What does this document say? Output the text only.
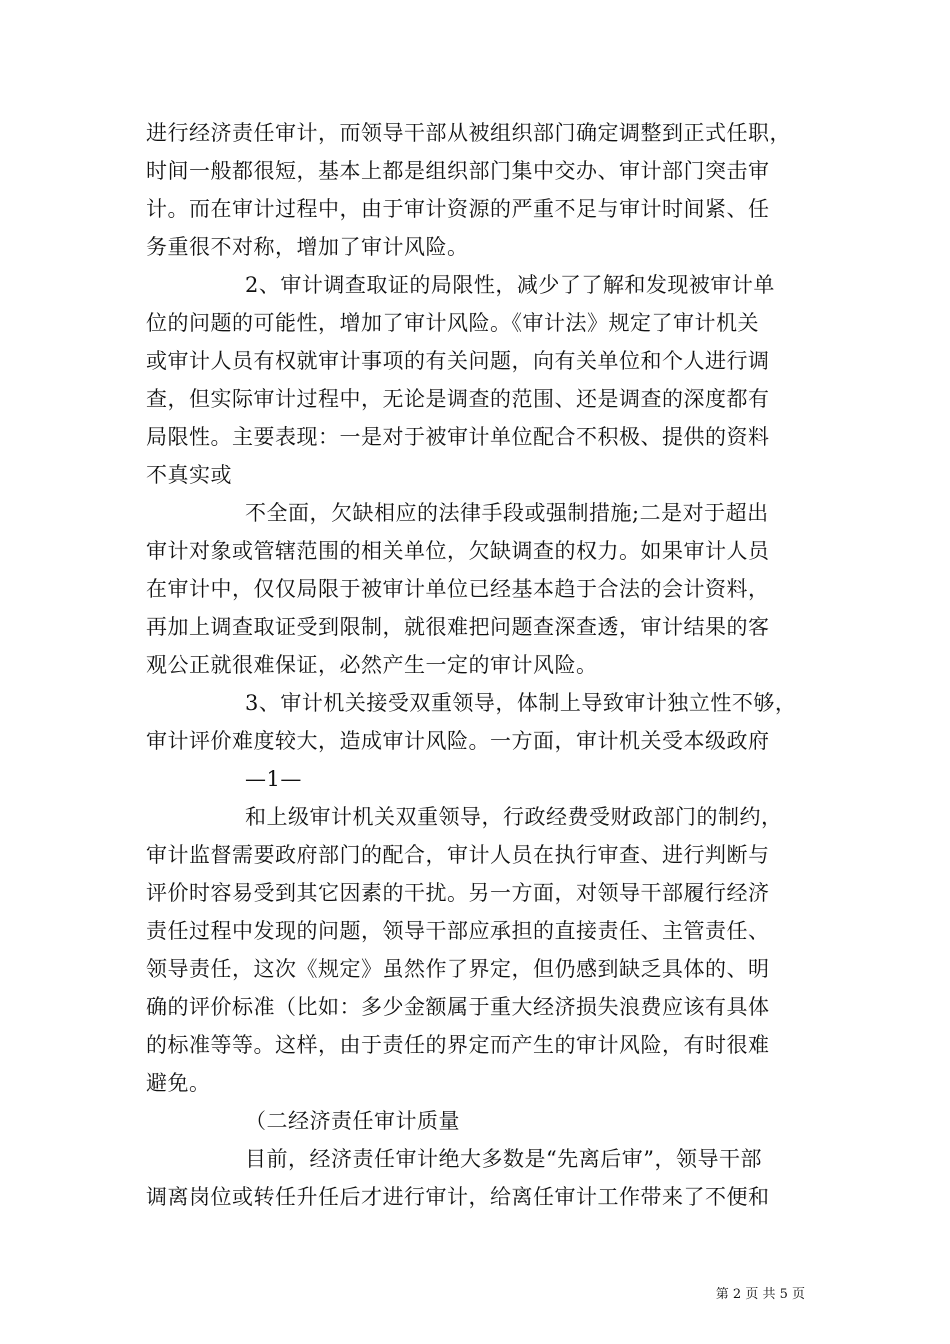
进行经济责任审计，而领导干部从被组织部门确定调整到正式任职，
时间一般都很短，基本上都是组织部门集中交办、审计部门突击审
计。而在审计过程中，由于审计资源的严重不足与审计时间紧、任
务重很不对称，增加了审计风险。
2、审计调查取证的局限性，减少了了解和发现被审计单
位的问题的可能性，增加了审计风险。《审计法》规定了审计机关
或审计人员有权就审计事项的有关问题，向有关单位和个人进行调
查，但实际审计过程中，无论是调查的范围、还是调查的深度都有
局限性。主要表现：一是对于被审计单位配合不积极、提供的资料
不真实或
不全面，欠缺相应的法律手段或强制措施;二是对于超出
审计对象或管辖范围的相关单位，欠缺调查的权力。如果审计人员
在审计中，仅仅局限于被审计单位已经基本趋于合法的会计资料，
再加上调查取证受到限制，就很难把问题查深查透，审计结果的客
观公正就很难保证，必然产生一定的审计风险。
3、审计机关接受双重领导，体制上导致审计独立性不够，
审计评价难度较大，造成审计风险。一方面，审计机关受本级政府
—1—
和上级审计机关双重领导，行政经费受财政部门的制约，
审计监督需要政府部门的配合，审计人员在执行审查、进行判断与
评价时容易受到其它因素的干扰。另一方面，对领导干部履行经济
责任过程中发现的问题，领导干部应承担的直接责任、主管责任、
领导责任，这次《规定》虽然作了界定，但仍感到缺乏具体的、明
确的评价标准（比如：多少金额属于重大经济损失浪费应该有具体
的标准等等。这样，由于责任的界定而产生的审计风险，有时很难
避免。
（二经济责任审计质量
目前，经济责任审计绝大多数是“先离后审”，领导干部
调离岗位或转任升任后才进行审计，给离任审计工作带来了不便和
第 2 页 共 5 页
